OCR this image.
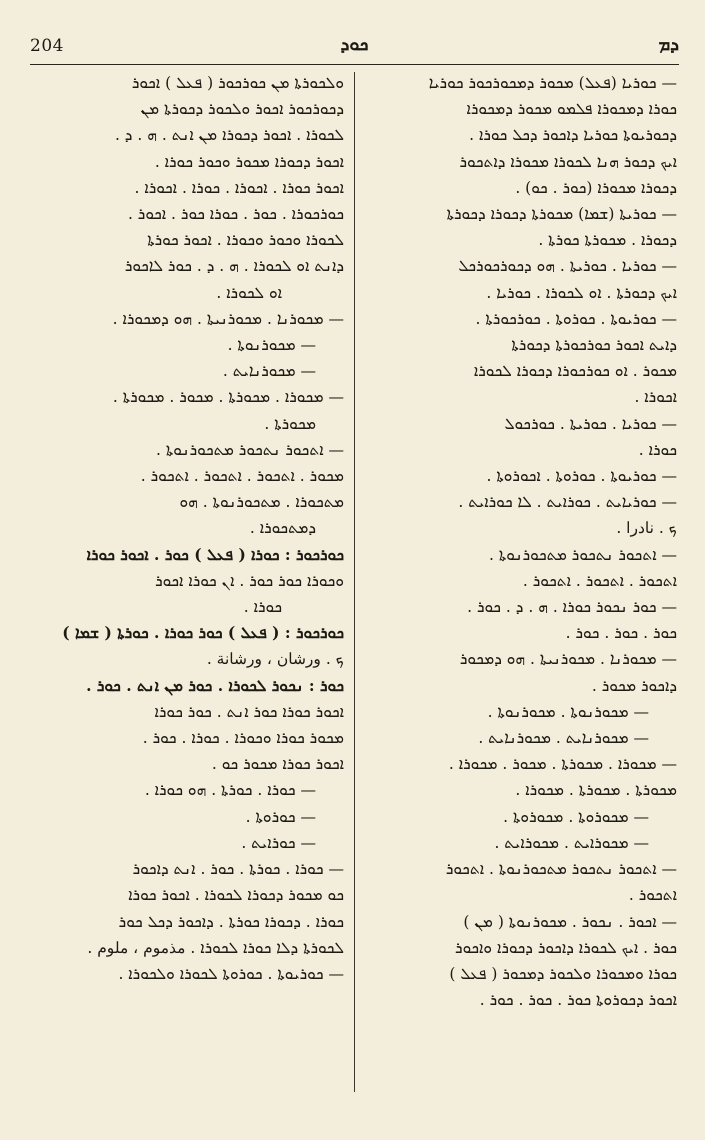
204	ܟܘܕ	ܕܡ
— ܟܘܪܝܐ (ܦܥܠ) ܡܟܘܪ ܕܡܟܘܪܟܘܪ ܟܘܪܝܐ
ܟܘܪܐ ܕܡܟܘܪܐ ܦܠܡܘ ܡܟܘܪ ܕܡܟܘܪܐ
ܕܟܘܪܝܘܬܐ ܟܘܪܝܐ ܕܐܟܘܪ ܕܟܠ ܟܘܪܐ .
ܐܝܟ ܕܟܘܪ ܗܢܐ ܠܟܘܪܐ ܡܟܘܪܐ ܕܐܬܟܘܪ
ܕܟܘܪܐ ܡܟܘܪܐ (ܟܘܪ . ܟܘ) .
— ܟܘܪܝܬܐ (ܫܡܐ) ܡܟܘܪܬܐ ܕܟܘܪܐ ܕܟܘܪܬܐ
ܕܟܘܪܐ . ܡܟܘܪܬܐ ܟܘܪܬܐ .
— ܟܘܪܝܐ . ܟܘܪܝܬܐ . ܗܘ ܕܟܘܪܟܘܪܟܠ
ܐܝܟ ܕܟܘܪܬܐ . ܐܘ ܠܟܘܪܐ . ܟܘܪܝܐ .
— ܟܘܪܝܘܬܐ . ܟܘܪܘܬܐ . ܟܘܪܟܘܪܬܐ .
ܕܐܝܬ ܐܟܘܪ ܟܘܪܟܘܪܬܐ ܕܟܘܪܬܐ
ܡܟܘܪ . ܐܘ ܟܘܪܟܘܪܐ ܕܟܘܪܐ ܠܟܘܪܐ
ܐܟܘܪܐ .
— ܟܘܪܝܐ . ܟܘܪܝܬܐ . ܟܘܪܟܘܠ
ܟܘܪܐ .
— ܟܘܪܝܘܬܐ . ܟܘܪܘܬܐ . ܐܟܘܪܘܬܐ .
— ܟܘܪܝܐܝܬ . ܟܘܪܐܝܬ . ܠܐ ܟܘܪܐܝܬ .
ܟ . نادرا .
— ܐܬܟܘܪ ܢܬܟܘܪ ܡܬܟܘܪܢܘܬܐ .
ܐܬܟܘܪ . ܐܬܟܘܪ . ܐܬܟܘܪ .
— ܟܘܪ ܢܟܘܪ ܟܘܪܐ . ܗ . ܕ . ܟܘܪ .
ܟܘܪ . ܟܘܪ . ܟܘܪ .
— ܡܟܘܪܢܐ . ܡܟܘܪܢܝܬܐ . ܗܘ ܕܡܟܘܪ
ܕܐܟܘܪ ܡܟܘܪ .
— ܡܟܘܪܢܘܬܐ . ܡܟܘܪܢܘܬܐ .
— ܡܟܘܪܢܐܝܬ . ܡܟܘܪܢܐܝܬ .
— ܡܟܘܪܐ . ܡܟܘܪܬܐ . ܡܟܘܪ . ܡܟܘܪܐ .
ܡܟܘܪܬܐ . ܡܟܘܪܬܐ . ܡܟܘܪܐ .
— ܡܟܘܪܘܬܐ . ܡܟܘܪܘܬܐ .
— ܡܟܘܪܐܝܬ . ܡܟܘܪܐܝܬ .
— ܐܬܟܘܪ ܢܬܟܘܪ ܡܬܟܘܪܢܘܬܐ . ܐܬܟܘܪ
ܐܬܟܘܪ .
— ܐܟܘܪ . ܢܟܘܪ . ܡܟܘܪܢܘܬܐ ( ܡܢ )
ܟܘܪ . ܐܝܟ ܠܟܘܪܐ ܕܐܟܘܪ ܕܟܘܪܐ ܘܐܟܘܪ
ܟܘܪܐ ܘܡܟܘܪܐ ܘܠܟܘܪ ܕܡܟܘܪ ( ܦܥܠ )
ܐܟܘܪ ܕܟܘܪܘܬܐ ܟܘܪ . ܟܘܪ . ܟܘܪ .
ܘܠܟܘܪܬܐ ܡܢ ܟܘܪܟܘܪ ( ܦܥܠ ) ܐܟܘܪ
ܕܟܘܪܟܘܪ ܐܟܘܪ ܘܠܟܘܪ ܕܟܘܪܬܐ ܡܢ
ܠܟܘܪܐ . ܐܟܘܪ ܕܟܘܪܐ ܡܢ ܐܢܬ . ܗ . ܕ .
ܐܟܘܪ ܕܟܘܪܐ ܡܟܘܪ ܘܟܘܪ ܟܘܪܐ .
ܐܟܘܪ ܟܘܪܐ . ܐܟܘܪܐ . ܟܘܪܐ . ܐܟܘܪܐ .
ܟܘܪܟܘܪܐ . ܟܘܪ . ܟܘܪܐ ܟܘܪ . ܐܟܘܪ .
ܠܟܘܪܐ ܘܟܘܪ ܘܟܘܪܐ . ܐܟܘܪ ܟܘܪܬܐ
ܕܐܢܬ ܐܘ ܠܟܘܪܐ . ܗ . ܕ . ܟܘܪ ܠܐܟܘܪ
ܐܘ ܠܟܘܪܐ .
— ܡܟܘܪܢܐ . ܡܟܘܪܢܝܬܐ . ܗܘ ܕܡܟܘܪܐ .
— ܡܟܘܪܢܘܬܐ .
— ܡܟܘܪܢܐܝܬ .
— ܡܟܘܪܐ . ܡܟܘܪܬܐ . ܡܟܘܪ . ܡܟܘܪܬܐ .
ܡܟܘܪܬܐ .
— ܐܬܟܘܪ ܢܬܟܘܪ ܡܬܟܘܪܢܘܬܐ .
ܡܟܘܪ . ܐܬܟܘܪ . ܐܬܟܘܪ . ܐܬܟܘܪ .
ܡܬܟܘܪܐ . ܡܬܟܘܪܢܘܬܐ . ܗܘ
ܕܡܬܟܘܪܐ .
ܟܘܪܟܘܪ : ܟܘܪܐ ( ܦܥܠ ) ܟܘܪ . ܐܟܘܪ ܟܘܪܐ
ܘܟܘܪܐ ܟܘܪ ܟܘܪ . ܐܢ ܟܘܪܐ ܐܟܘܪ
ܟܘܪܐ .
ܟܘܪܟܘܪ : ( ܦܥܠ ) ܟܘܪ ܟܘܪܐ . ܟܘܪܬܐ ( ܫܡܐ )
ܟ . ورشان ، ورشانة .
ܟܘܪ : ܢܟܘܪ ܠܟܘܪܐ . ܟܘܪ ܡܢ ܐܢܬ . ܟܘܪ .
ܐܟܘܪ ܟܘܪܐ ܟܘܪ ܐܢܬ . ܟܘܪ ܟܘܪܐ
ܡܟܘܪ ܟܘܪܐ ܘܟܘܪܐ . ܟܘܪܐ . ܟܘܪ .
ܐܟܘܪ ܟܘܪܐ ܡܟܘܪ ܟܘ .
— ܟܘܪܐ . ܟܘܪܬܐ . ܗܘ ܟܘܪܐ .
— ܟܘܪܘܬܐ .
— ܟܘܪܐܝܬ .
— ܟܘܪܐ . ܟܘܪܬܐ . ܟܘܪ . ܐܢܬ ܕܐܟܘܪ
ܟܘ ܡܟܘܪ ܕܟܘܪܐ ܠܟܘܪܐ . ܐܟܘܪ ܟܘܪܐ
ܟܘܪܐ . ܕܟܘܪܐ ܟܘܪܬܐ . ܕܐܟܘܪ ܕܟܠ ܟܘܪ
ܠܟܘܪܬܐ ܕܠܐ ܟܘܪܐ ܠܟܘܪܐ . مذموم ، ملوم .
— ܟܘܪܝܘܬܐ . ܟܘܪܘܬܐ ܠܟܘܪܐ ܘܠܟܘܪܐ .
